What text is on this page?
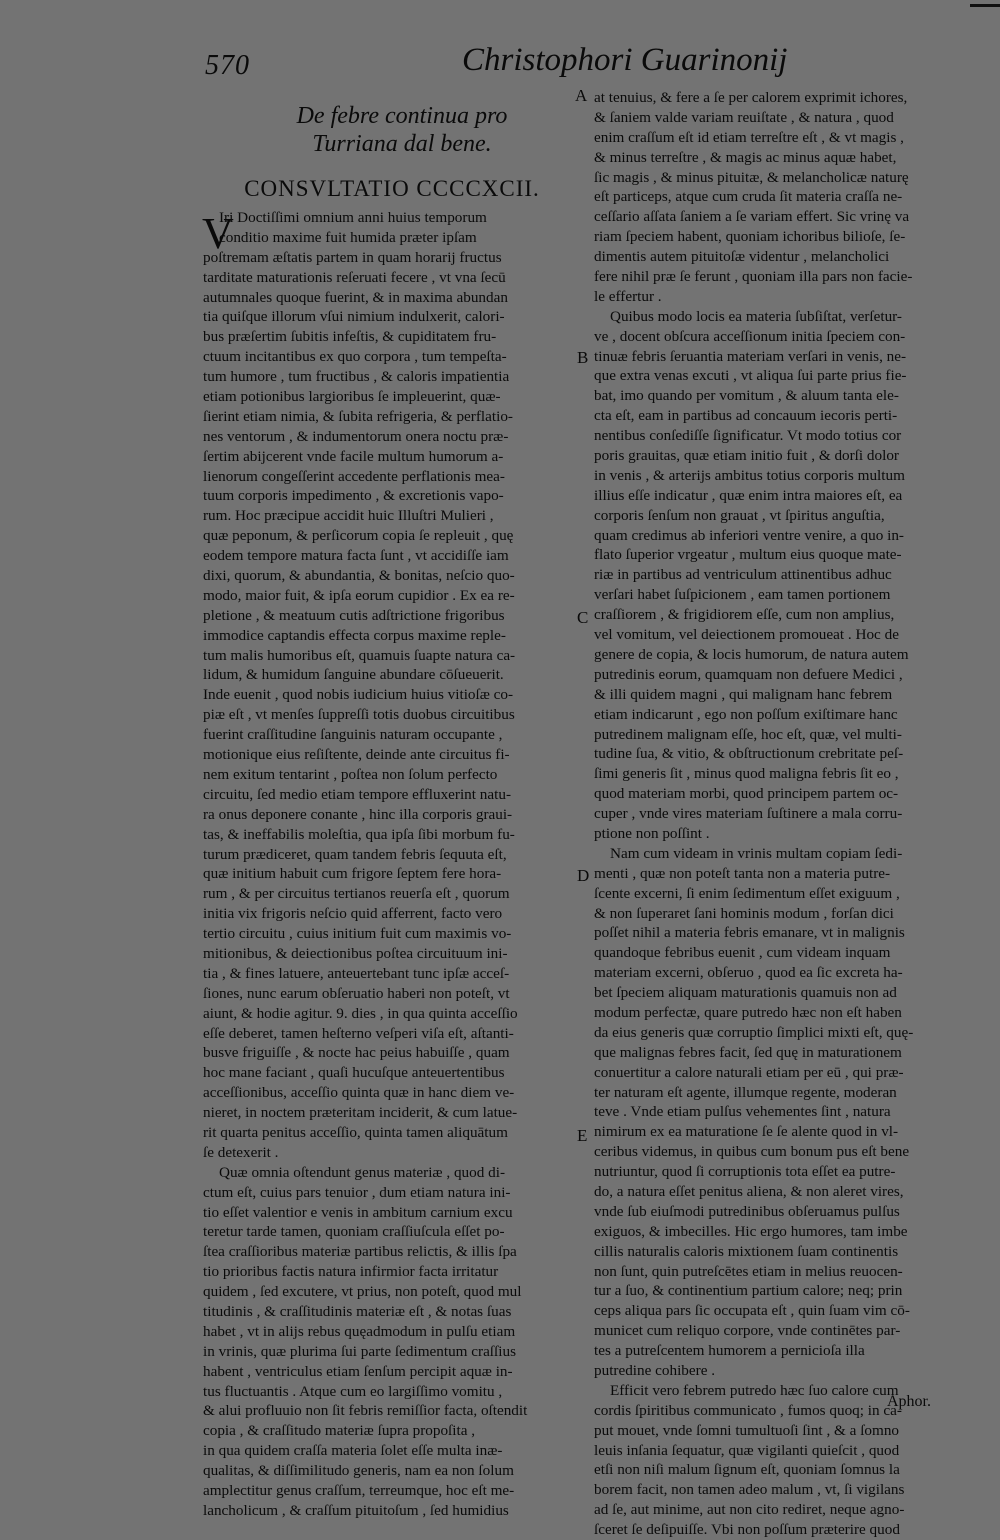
570	Christophori Guarinonij
De febre continua pro Turriana dal bene.
CONSVLTATIO CCCCXCII.
V
Iri Doctiſſimi omnium anni huius temporum
conditio maxime fuit humida præter ipſam
poſtremam æſtatis partem in quam horarij fructus
tarditate maturationis reſeruati fecere , vt vna ſecū
autumnales quoque fuerint, & in maxima abundan
tia quiſque illorum vſui nimium indulxerit, calori-
bus præſertim ſubitis infeſtis, & cupiditatem fru-
ctuum incitantibus ex quo corpora , tum tempeſta-
tum humore , tum fructibus , & caloris impatientia
etiam potionibus largioribus ſe impleuerint, quæ-
ſierint etiam nimia, & ſubita refrigeria, & perflatio-
nes ventorum , & indumentorum onera noctu præ-
ſertim abijcerent vnde facile multum humorum a-
lienorum congeſſerint accedente perflationis mea-
tuum corporis impedimento , & excretionis vapo-
rum. Hoc præcipue accidit huic Illuſtri Mulieri ,
quæ peponum, & perſicorum copia ſe repleuit , quę
eodem tempore matura facta ſunt , vt accidiſſe iam
dixi, quorum, & abundantia, & bonitas, neſcio quo-
modo, maior fuit, & ipſa eorum cupidior . Ex ea re-
pletione , & meatuum cutis adſtrictione frigoribus
immodice captandis effecta corpus maxime reple-
tum malis humoribus eſt, quamuis ſuapte natura ca-
lidum, & humidum ſanguine abundare cōſueuerit.
Inde euenit , quod nobis iudicium huius vitioſæ co-
piæ eſt , vt menſes ſuppreſſi totis duobus circuitibus
fuerint craſſitudine ſanguinis naturam occupante ,
motionique eius reſiſtente, deinde ante circuitus fi-
nem exitum tentarint , poſtea non ſolum perfecto
circuitu, ſed medio etiam tempore effluxerint natu-
ra onus deponere conante , hinc illa corporis graui-
tas, & ineffabilis moleſtia, qua ipſa ſibi morbum fu-
turum prædiceret, quam tandem febris ſequuta eſt,
quæ initium habuit cum frigore ſeptem fere hora-
rum , & per circuitus tertianos reuerſa eſt , quorum
initia vix frigoris neſcio quid afferrent, facto vero
tertio circuitu , cuius initium fuit cum maximis vo-
mitionibus, & deiectionibus poſtea circuituum ini-
tia , & fines latuere, anteuertebant tunc ipſæ acceſ-
ſiones, nunc earum obſeruatio haberi non poteſt, vt
aiunt, & hodie agitur. 9. dies , in qua quinta acceſſio
eſſe deberet, tamen heſterno veſperi viſa eſt, aſtanti-
busve friguiſſe , & nocte hac peius habuiſſe , quam
hoc mane faciant , quaſi hucuſque anteuertentibus
acceſſionibus, acceſſio quinta quæ in hanc diem ve-
nieret, in noctem præteritam inciderit, & cum latue-
rit quarta penitus acceſſio, quinta tamen aliquātum
ſe detexerit .
Quæ omnia oſtendunt genus materiæ , quod di-
ctum eſt, cuius pars tenuior , dum etiam natura ini-
tio eſſet valentior e venis in ambitum carnium excu
teretur tarde tamen, quoniam craſſiuſcula eſſet po-
ſtea craſſioribus materiæ partibus relictis, & illis ſpa
tio prioribus factis natura infirmior facta irritatur
quidem , ſed excutere, vt prius, non poteſt, quod mul
titudinis , & craſſitudinis materiæ eſt , & notas ſuas
habet , vt in alijs rebus quęadmodum in pulſu etiam
in vrinis, quæ plurima ſui parte ſedimentum craſſius
habent , ventriculus etiam ſenſum percipit aquæ in-
tus fluctuantis . Atque cum eo largiſſimo vomitu ,
& alui profluuio non ſit febris remiſſior facta, oſtendit
copia , & craſſitudo materiæ ſupra propoſita ,
in qua quidem craſſa materia ſolet eſſe multa inæ-
qualitas, & diſſimilitudo generis, nam ea non ſolum
amplectitur genus craſſum, terreumque, hoc eſt me-
lancholicum , & craſſum pituitoſum , ſed humidius
at tenuius, & fere a ſe per calorem exprimit ichores,
& ſaniem valde variam reuiſtate , & natura , quod
enim craſſum eſt id etiam terreſtre eſt , & vt magis ,
& minus terreſtre , & magis ac minus aquæ habet,
ſic magis , & minus pituitæ, & melancholicæ naturę
eſt particeps, atque cum cruda ſit materia craſſa ne-
ceſſario aſſata ſaniem a ſe variam effert. Sic vrinę va
riam ſpeciem habent, quoniam ichoribus bilioſe, ſe-
dimentis autem pituitoſæ videntur , melancholici
fere nihil præ ſe ferunt , quoniam illa pars non facie-
le effertur .
Quibus modo locis ea materia ſubſiſtat, verſetur-
ve , docent obſcura acceſſionum initia ſpeciem con-
tinuæ febris ſeruantia materiam verſari in venis, ne-
que extra venas excuti , vt aliqua ſui parte prius fie-
bat, imo quando per vomitum , & aluum tanta ele-
cta eſt, eam in partibus ad concauum iecoris perti-
nentibus conſediſſe ſignificatur. Vt modo totius cor
poris grauitas, quæ etiam initio fuit , & dorſi dolor
in venis , & arterijs ambitus totius corporis multum
illius eſſe indicatur , quæ enim intra maiores eſt, ea
corporis ſenſum non grauat , vt ſpiritus anguſtia,
quam credimus ab inferiori ventre venire, a quo in-
flato ſuperior vrgeatur , multum eius quoque mate-
riæ in partibus ad ventriculum attinentibus adhuc
verſari habet ſuſpicionem , eam tamen portionem
craſſiorem , & frigidiorem eſſe, cum non amplius,
vel vomitum, vel deiectionem promoueat . Hoc de
genere de copia, & locis humorum, de natura autem
putredinis eorum, quamquam non defuere Medici ,
& illi quidem magni , qui malignam hanc febrem
etiam indicarunt , ego non poſſum exiſtimare hanc
putredinem malignam eſſe, hoc eſt, quæ, vel multi-
tudine ſua, & vitio, & obſtructionum crebritate peſ-
ſimi generis ſit , minus quod maligna febris ſit eo ,
quod materiam morbi, quod principem partem oc-
cuper , vnde vires materiam ſuſtinere a mala corru-
ptione non poſſint .
Nam cum videam in vrinis multam copiam ſedi-
menti , quæ non poteſt tanta non a materia putre-
ſcente excerni, ſi enim ſedimentum eſſet exiguum ,
& non ſuperaret ſani hominis modum , forſan dici
poſſet nihil a materia febris emanare, vt in malignis
quandoque febribus euenit , cum videam inquam
materiam excerni, obſeruo , quod ea ſic excreta ha-
bet ſpeciem aliquam maturationis quamuis non ad
modum perfectæ, quare putredo hæc non eſt haben
da eius generis quæ corruptio ſimplici mixti eſt, quę-
que malignas febres facit, ſed quę in maturationem
conuertitur a calore naturali etiam per eū , qui præ-
ter naturam eſt agente, illumque regente, moderan
teve . Vnde etiam pulſus vehementes ſint , natura
nimirum ex ea maturatione ſe ſe alente quod in vl-
ceribus videmus, in quibus cum bonum pus eſt bene
nutriuntur, quod ſi corruptionis tota eſſet ea putre-
do, a natura eſſet penitus aliena, & non aleret vires,
vnde ſub eiuſmodi putredinibus obſeruamus pulſus
exiguos, & imbecilles. Hic ergo humores, tam imbe
cillis naturalis caloris mixtionem ſuam continentis
non ſunt, quin putreſcētes etiam in melius reuocen-
tur a ſuo, & continentium partium calore; neq; prin
ceps aliqua pars ſic occupata eſt , quin ſuam vim cō-
municet cum reliquo corpore, vnde continētes par-
tes a putreſcentem humorem a pernicioſa illa
putredine cohibere .
Efficit vero febrem putredo hæc ſuo calore cum
cordis ſpiritibus communicato , fumos quoq; in ca-
put mouet, vnde ſomni tumultuoſi ſint , & a ſomno
leuis inſania ſequatur, quæ vigilanti quieſcit , quod
etſi non niſi malum ſignum eſt, quoniam ſomnus la
borem facit, non tamen adeo malum , vt, ſi vigilans
ad ſe, aut minime, aut non cito rediret, neque agno-
ſceret ſe deſipuiſſe. Vbi non poſſum præterire quod
A
B
C
D
E
Aphor.
